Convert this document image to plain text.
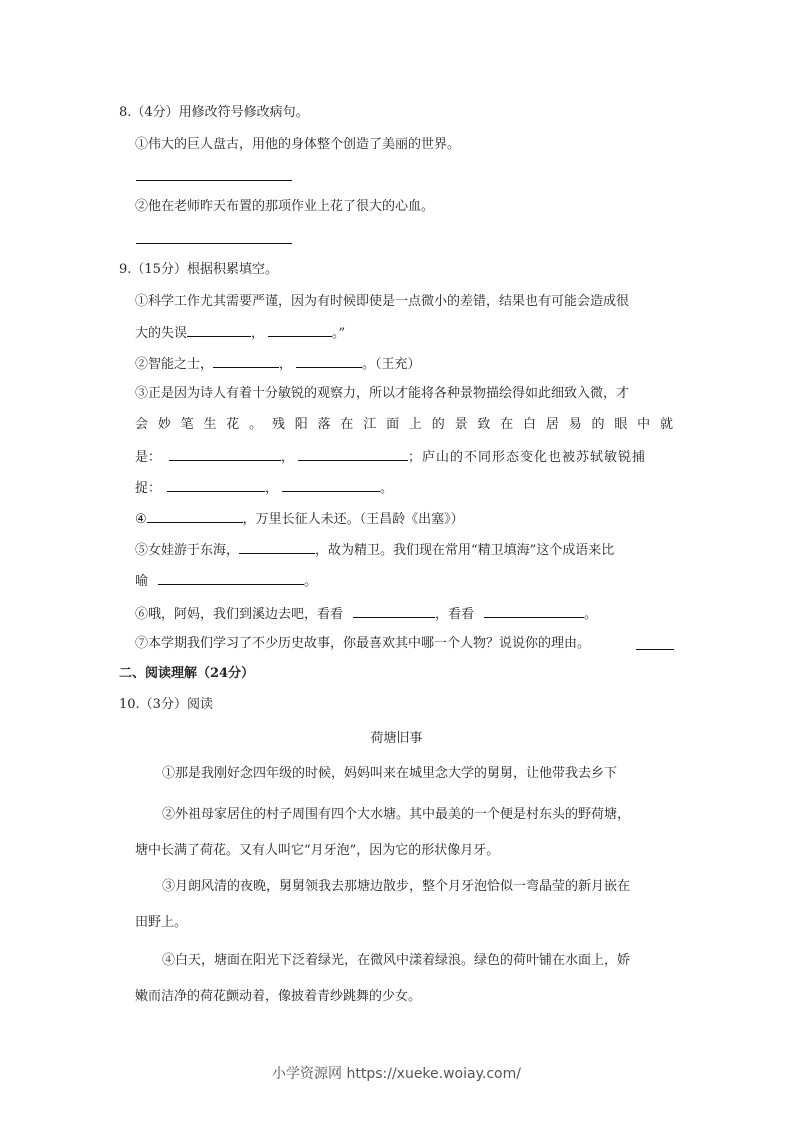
8.（4分）用修改符号修改病句。
①伟大的巨人盘古，用他的身体整个创造了美丽的世界。
②他在老师昨天布置的那项作业上花了很大的心血。
9.（15分）根据积累填空。
①科学工作尤其需要严谨，因为有时候即使是一点微小的差错，结果也有可能会造成很
大的失误	，	。”
②智能之士，	，	。（王充）
③正是因为诗人有着十分敏锐的观察力，所以才能将各种景物描绘得如此细致入微，才
会 妙 笔 生 花 。 残 阳 落 在 江 面 上 的 景 致 在 白 居 易 的 眼 中 就
是：	，	；庐山的不同形态变化也被苏轼敏锐捕
捉：	，	。
④	，万里长征人未还。（王昌龄《出塞》）
⑤女娃游于东海，	，故为精卫。我们现在常用“精卫填海”这个成语来比
喻	。
⑥哦，阿妈，我们到溪边去吧，看看	，看看	。
⑦本学期我们学习了不少历史故事，你最喜欢其中哪一个人物？说说你的理由。
二、阅读理解（24分）
10.（3分）阅读
荷塘旧事
①那是我刚好念四年级的时候，妈妈叫来在城里念大学的舅舅，让他带我去乡下
②外祖母家居住的村子周围有四个大水塘。其中最美的一个便是村东头的野荷塘，
塘中长满了荷花。又有人叫它“月牙泡”，因为它的形状像月牙。
③月朗风清的夜晚，舅舅领我去那塘边散步，整个月牙泡恰似一弯晶莹的新月嵌在
田野上。
④白天，塘面在阳光下泛着绿光，在微风中漾着绿浪。绿色的荷叶铺在水面上，娇
嫩而洁净的荷花颤动着，像披着青纱跳舞的少女。
小学资源网 https://xueke.woiay.com/
